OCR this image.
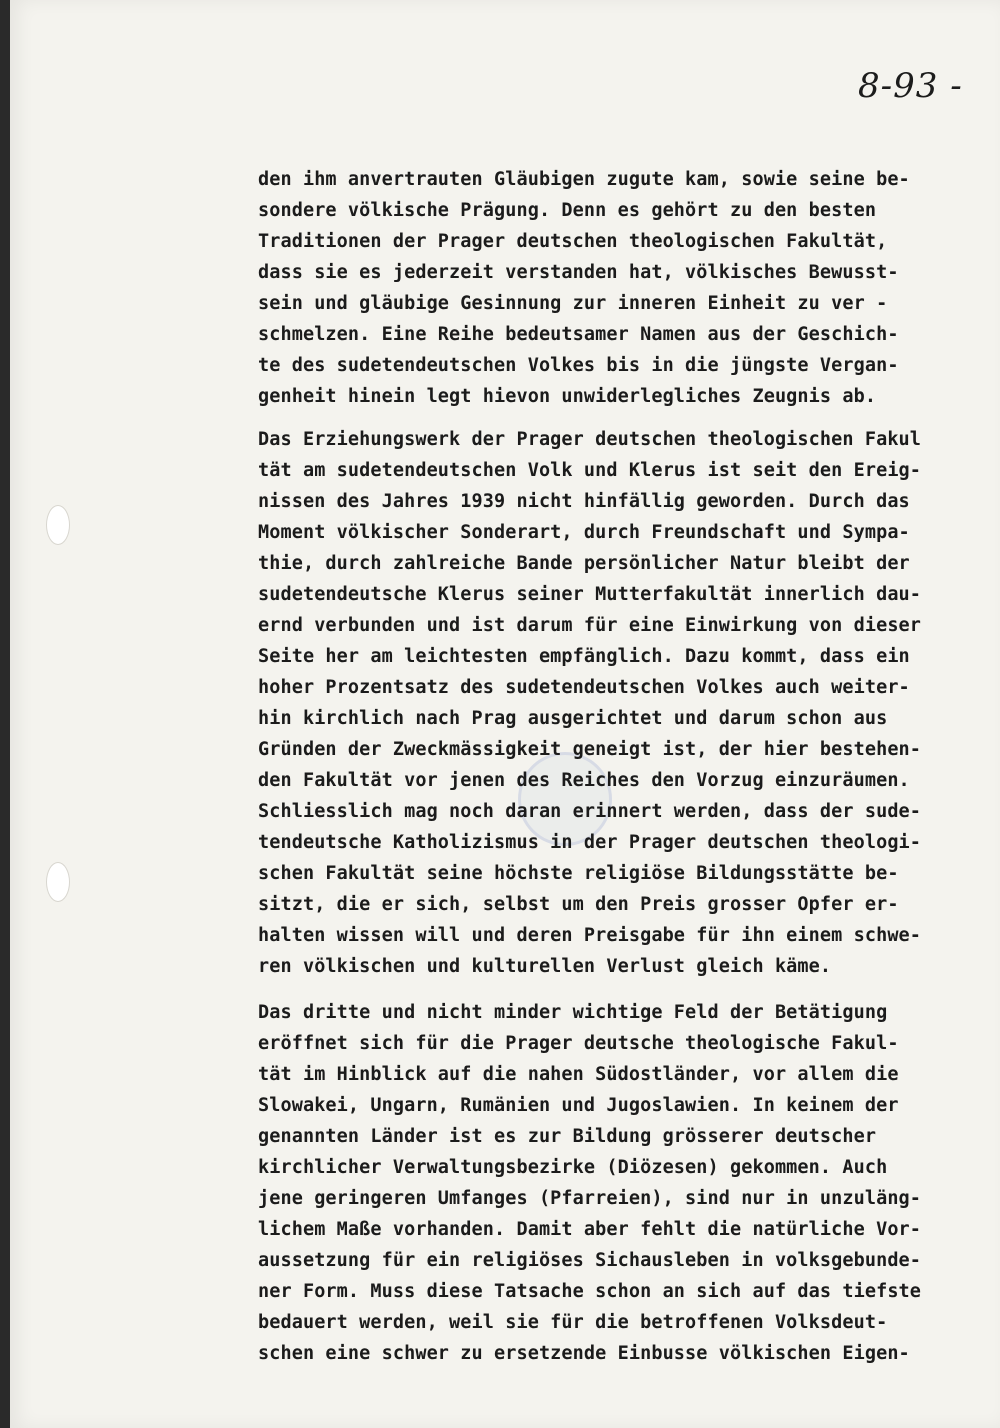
8-93 -
den ihm anvertrauten Gläubigen zugute kam, sowie seine be-
sondere völkische Prägung. Denn es gehört zu den besten
Traditionen der Prager deutschen theologischen Fakultät,
dass sie es jederzeit verstanden hat, völkisches Bewusst-
sein und gläubige Gesinnung zur inneren Einheit zu ver -
schmelzen. Eine Reihe bedeutsamer Namen aus der Geschich-
te des sudetendeutschen Volkes bis in die jüngste Vergan-
genheit hinein legt hievon unwiderlegliches Zeugnis ab.
Das Erziehungswerk der Prager deutschen theologischen Fakul
tät am sudetendeutschen Volk und Klerus ist seit den Ereig-
nissen des Jahres 1939 nicht hinfällig geworden. Durch das
Moment völkischer Sonderart, durch Freundschaft und Sympa-
thie, durch zahlreiche Bande persönlicher Natur bleibt der
sudetendeutsche Klerus seiner Mutterfakultät innerlich dau-
ernd verbunden und ist darum für eine Einwirkung von dieser
Seite her am leichtesten empfänglich. Dazu kommt, dass ein
hoher Prozentsatz des sudetendeutschen Volkes auch weiter-
hin kirchlich nach Prag ausgerichtet und darum schon aus
Gründen der Zweckmässigkeit geneigt ist, der hier bestehen-
den Fakultät vor jenen des Reiches den Vorzug einzuräumen.
Schliesslich mag noch daran erinnert werden, dass der sude-
tendeutsche Katholizismus in der Prager deutschen theologi-
schen Fakultät seine höchste religiöse Bildungsstätte be-
sitzt, die er sich, selbst um den Preis grosser Opfer er-
halten wissen will und deren Preisgabe für ihn einem schwe-
ren völkischen und kulturellen Verlust gleich käme.
Das dritte und nicht minder wichtige Feld der Betätigung
eröffnet sich für die Prager deutsche theologische Fakul-
tät im Hinblick auf die nahen Südostländer, vor allem die
Slowakei, Ungarn, Rumänien und Jugoslawien. In keinem der
genannten Länder ist es zur Bildung grösserer deutscher
kirchlicher Verwaltungsbezirke (Diözesen) gekommen. Auch
jene geringeren Umfanges (Pfarreien), sind nur in unzuläng-
lichem Maße vorhanden. Damit aber fehlt die natürliche Vor-
aussetzung für ein religiöses Sichausleben in volksgebunde-
ner Form. Muss diese Tatsache schon an sich auf das tiefste
bedauert werden, weil sie für die betroffenen Volksdeut-
schen eine schwer zu ersetzende Einbusse völkischen Eigen-
